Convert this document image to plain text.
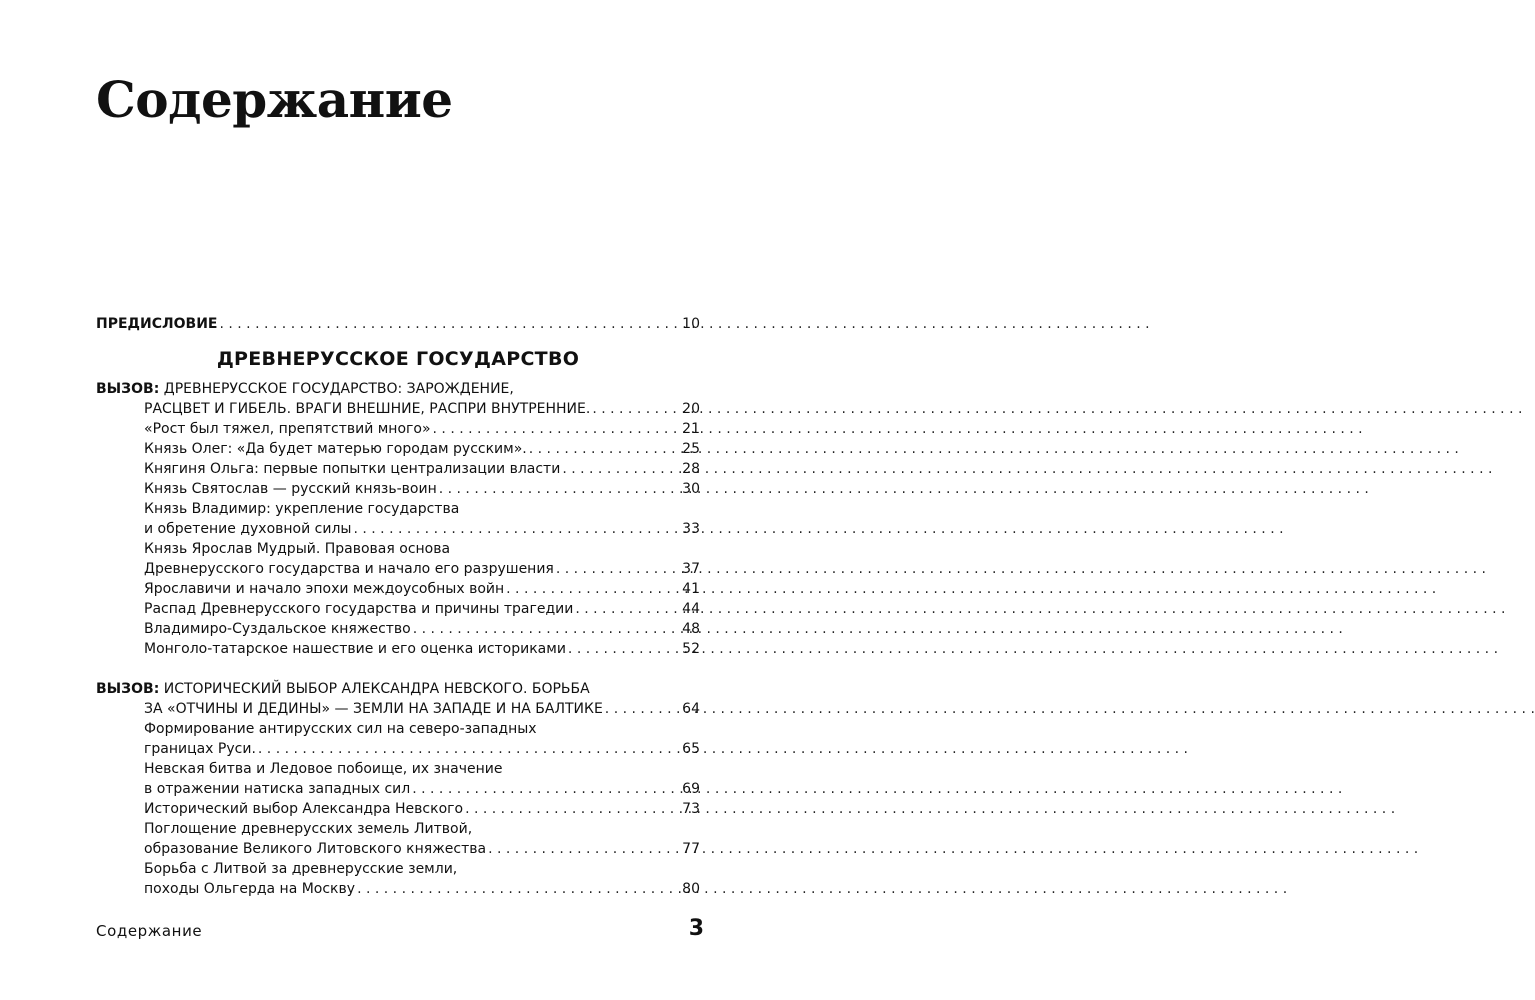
Содержание
ПРЕДИСЛОВИЕ . . .	10
ДРЕВНЕРУССКОЕ ГОСУДАРСТВО
ВЫЗОВ: ДРЕВНЕРУССКОЕ ГОСУДАРСТВО: ЗАРОЖДЕНИЕ,
РАСЦВЕТ И ГИБЕЛЬ. ВРАГИ ВНЕШНИЕ, РАСПРИ ВНУТРЕННИЕ. . . .	20
«Рост был тяжел, препятствий много» . . .	21
Князь Олег: «Да будет матерью городам русским». . . .	25
Княгиня Ольга: первые попытки централизации власти . . .	28
Князь Святослав — русский князь-воин . . .	30
Князь Владимир: укрепление государства
и обретение духовной силы . . .	33
Князь Ярослав Мудрый. Правовая основа
Древнерусского государства и начало его разрушения . . .	37
Ярославичи и начало эпохи междоусобных войн . . .	41
Распад Древнерусского государства и причины трагедии . . .	44
Владимиро-Суздальское княжество . . .	48
Монголо-татарское нашествие и его оценка историками . . .	52
ВЫЗОВ: ИСТОРИЧЕСКИЙ ВЫБОР АЛЕКСАНДРА НЕВСКОГО. БОРЬБА
ЗА «ОТЧИНЫ И ДЕДИНЫ» — ЗЕМЛИ НА ЗАПАДЕ И НА БАЛТИКЕ . . .	64
Формирование антирусских сил на северо-западных
границах Руси. . . .	65
Невская битва и Ледовое побоище, их значение
в отражении натиска западных сил . . .	69
Исторический выбор Александра Невского . . .	73
Поглощение древнерусских земель Литвой,
образование Великого Литовского княжества . . .	77
Борьба с Литвой за древнерусские земли,
походы Ольгерда на Москву . . .	80
Содержание	3
